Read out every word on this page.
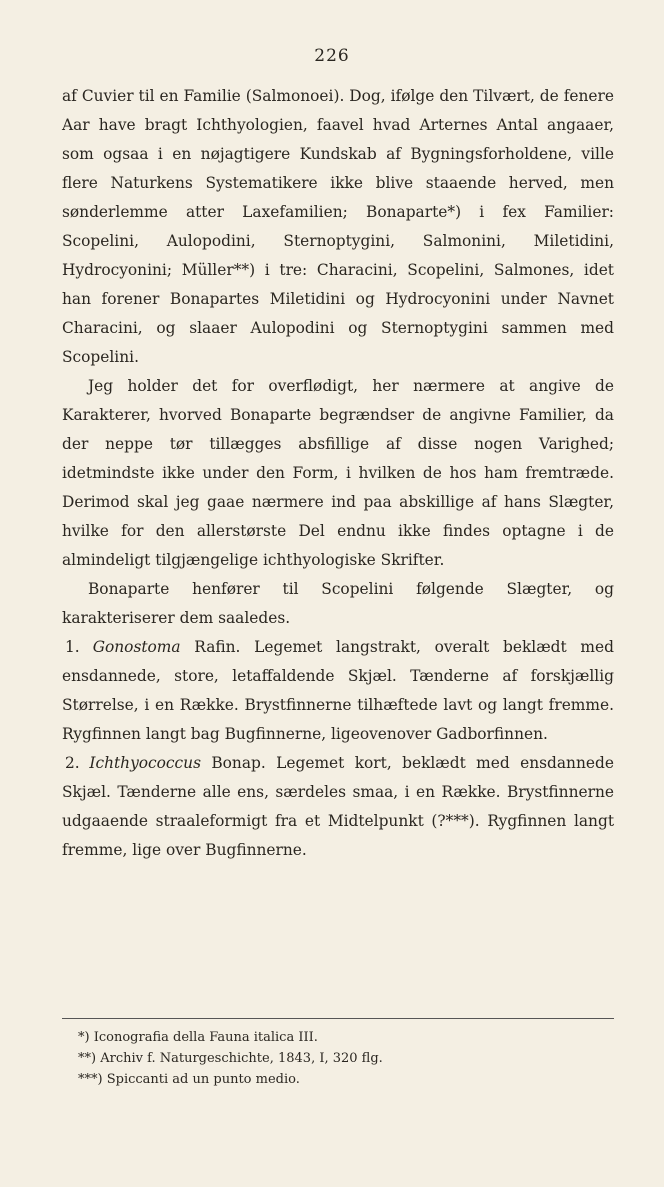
226

af Cuvier til en Familie (Salmonoei). Dog, ifølge den Tilvært, de fenere Aar have bragt Ichthyologien, faavel hvad Arternes Antal angaaer, som ogsaa i en nøjagtigere Kundskab af Bygningsforholdene, ville flere Naturkens Systematikere ikke blive staaende herved, men sønderlemme atter Laxefamilien; Bonaparte*) i fex Familier: Scopelini, Aulopodini, Sternoptygini, Salmonini, Miletidini, Hydrocyonini; Müller**) i tre: Characini, Scopelini, Salmones, idet han forener Bonapartes Miletidini og Hydrocyonini under Navnet Characini, og slaaer Aulopodini og Sternoptygini sammen med Scopelini.

Jeg holder det for overflødigt, her nærmere at angive de Karakterer, hvorved Bonaparte begrændser de angivne Familier, da der neppe tør tillægges absfillige af disse nogen Varighed; idetmindste ikke under den Form, i hvilken de hos ham fremtræde. Derimod skal jeg gaae nærmere ind paa abskillige af hans Slægter, hvilke for den allerstørste Del endnu ikke findes optagne i de almindeligt tilgjængelige ichthyologiske Skrifter.

Bonaparte henfører til Scopelini følgende Slægter, og karakteriserer dem saaledes.

1. Gonostoma Rafin. Legemet langstrakt, overalt beklædt med ensdannede, store, letaffaldende Skjæl. Tænderne af forskjællig Størrelse, i en Række. Brystfinnerne tilhæftede lavt og langt fremme. Rygfinnen langt bag Bugfinnerne, ligeovenover Gadborfinnen.

2. Ichthyococcus Bonap. Legemet kort, beklædt med ensdannede Skjæl. Tænderne alle ens, særdeles smaa, i en Række. Brystfinnerne udgaaende straaleformigt fra et Midtelpunkt (?***). Rygfinnen langt fremme, lige over Bugfinnerne.

*) Iconografia della Fauna italica III.
**) Archiv f. Naturgeschichte, 1843, I, 320 flg.
***) Spiccanti ad un punto medio.
